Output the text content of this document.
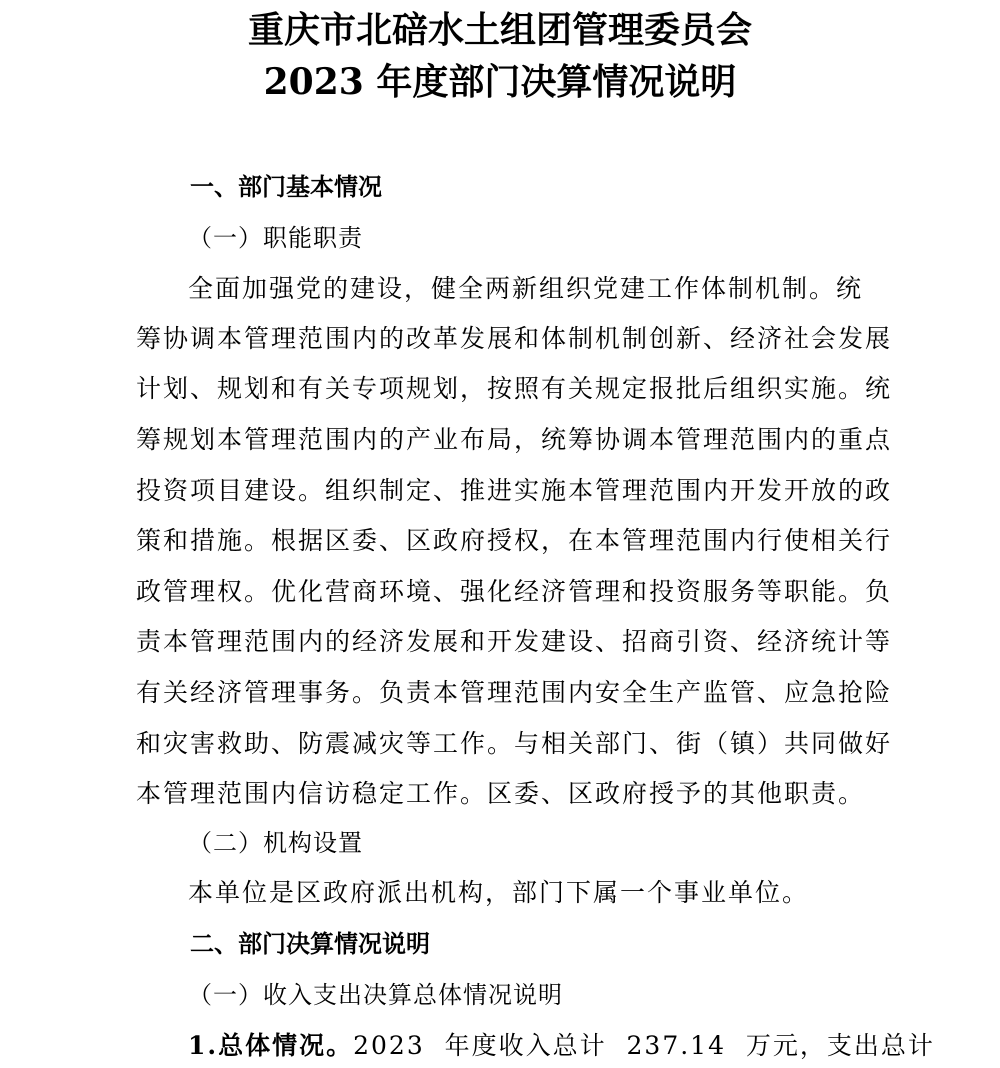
重庆市北碚水土组团管理委员会
2023 年度部门决算情况说明
一、部门基本情况
（一）职能职责
全面加强党的建设，健全两新组织党建工作体制机制。统
筹协调本管理范围内的改革发展和体制机制创新、经济社会发展
计划、规划和有关专项规划，按照有关规定报批后组织实施。统
筹规划本管理范围内的产业布局，统筹协调本管理范围内的重点
投资项目建设。组织制定、推进实施本管理范围内开发开放的政
策和措施。根据区委、区政府授权，在本管理范围内行使相关行
政管理权。优化营商环境、强化经济管理和投资服务等职能。负
责本管理范围内的经济发展和开发建设、招商引资、经济统计等
有关经济管理事务。负责本管理范围内安全生产监管、应急抢险
和灾害救助、防震减灾等工作。与相关部门、街（镇）共同做好
本管理范围内信访稳定工作。区委、区政府授予的其他职责。
（二）机构设置
本单位是区政府派出机构，部门下属一个事业单位。
二、部门决算情况说明
（一）收入支出决算总体情况说明
1.总体情况。2023  年度收入总计  237.14  万元，支出总计
